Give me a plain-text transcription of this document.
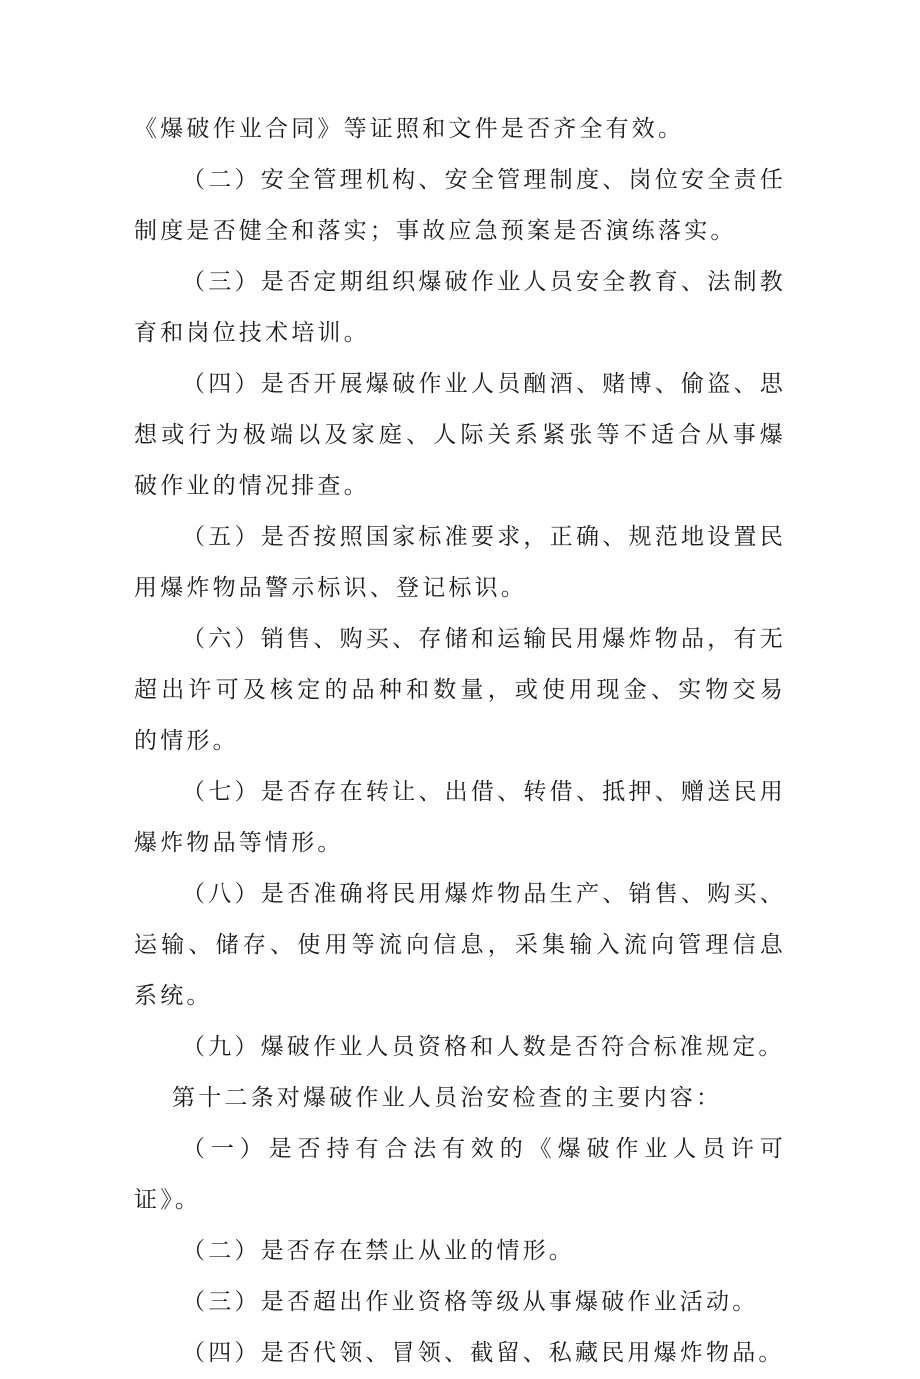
《爆破作业合同》等证照和文件是否齐全有效。

（二）安全管理机构、安全管理制度、岗位安全责任制度是否健全和落实；事故应急预案是否演练落实。

（三）是否定期组织爆破作业人员安全教育、法制教育和岗位技术培训。

（四）是否开展爆破作业人员酗酒、赌博、偷盗、思想或行为极端以及家庭、人际关系紧张等不适合从事爆破作业的情况排查。

（五）是否按照国家标准要求，正确、规范地设置民用爆炸物品警示标识、登记标识。

（六）销售、购买、存储和运输民用爆炸物品，有无超出许可及核定的品种和数量，或使用现金、实物交易的情形。

（七）是否存在转让、出借、转借、抵押、赠送民用爆炸物品等情形。

（八）是否准确将民用爆炸物品生产、销售、购买、运输、储存、使用等流向信息，采集输入流向管理信息系统。

（九）爆破作业人员资格和人数是否符合标准规定。

第十二条对爆破作业人员治安检查的主要内容：

（一）是否持有合法有效的《爆破作业人员许可证》。

（二）是否存在禁止从业的情形。

（三）是否超出作业资格等级从事爆破作业活动。

（四）是否代领、冒领、截留、私藏民用爆炸物品。
